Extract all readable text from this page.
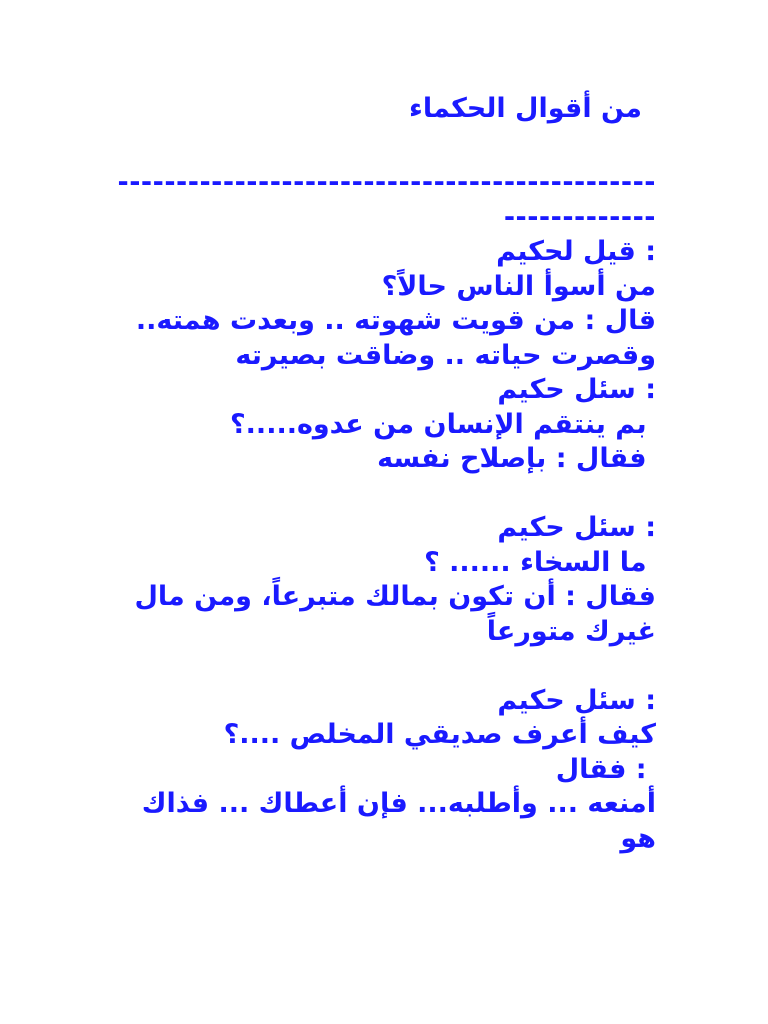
من أقوال الحكماء
-----------------------------------------------------------
: قيل لحكيم
من أسوأ الناس حالاً؟
قال : من قويت شهوته .. وبعدت همته.. وقصرت حياته .. وضاقت بصيرته
: سئل حكيم
بم ينتقم الإنسان من عدوه.....؟
فقال : بإصلاح نفسه
: سئل حكيم
ما السخاء ...... ؟
فقال : أن تكون بمالك متبرعاً، ومن مال غيرك متورعاً
: سئل حكيم
كيف أعرف صديقي المخلص ....؟
: فقال
أمنعه ... وأطلبه... فإن أعطاك ... فذاك هو
